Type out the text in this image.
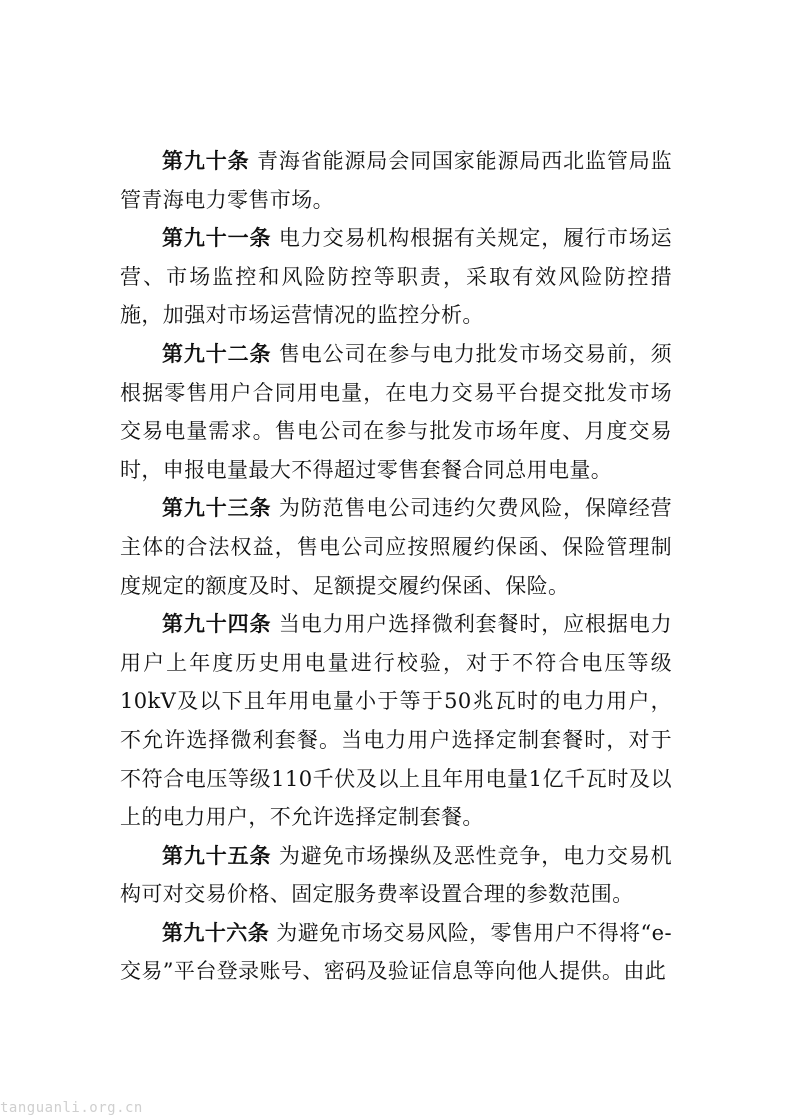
第九十条 青海省能源局会同国家能源局西北监管局监管青海电力零售市场。

第九十一条 电力交易机构根据有关规定，履行市场运营、市场监控和风险防控等职责，采取有效风险防控措施，加强对市场运营情况的监控分析。

第九十二条 售电公司在参与电力批发市场交易前，须根据零售用户合同用电量，在电力交易平台提交批发市场交易电量需求。售电公司在参与批发市场年度、月度交易时，申报电量最大不得超过零售套餐合同总用电量。

第九十三条 为防范售电公司违约欠费风险，保障经营主体的合法权益，售电公司应按照履约保函、保险管理制度规定的额度及时、足额提交履约保函、保险。

第九十四条 当电力用户选择微利套餐时，应根据电力用户上年度历史用电量进行校验，对于不符合电压等级10kV及以下且年用电量小于等于50兆瓦时的电力用户，不允许选择微利套餐。当电力用户选择定制套餐时，对于不符合电压等级110千伏及以上且年用电量1亿千瓦时及以上的电力用户，不允许选择定制套餐。

第九十五条 为避免市场操纵及恶性竞争，电力交易机构可对交易价格、固定服务费率设置合理的参数范围。

第九十六条 为避免市场交易风险，零售用户不得将“e-交易”平台登录账号、密码及验证信息等向他人提供。由此

tanguanli.org.cn
